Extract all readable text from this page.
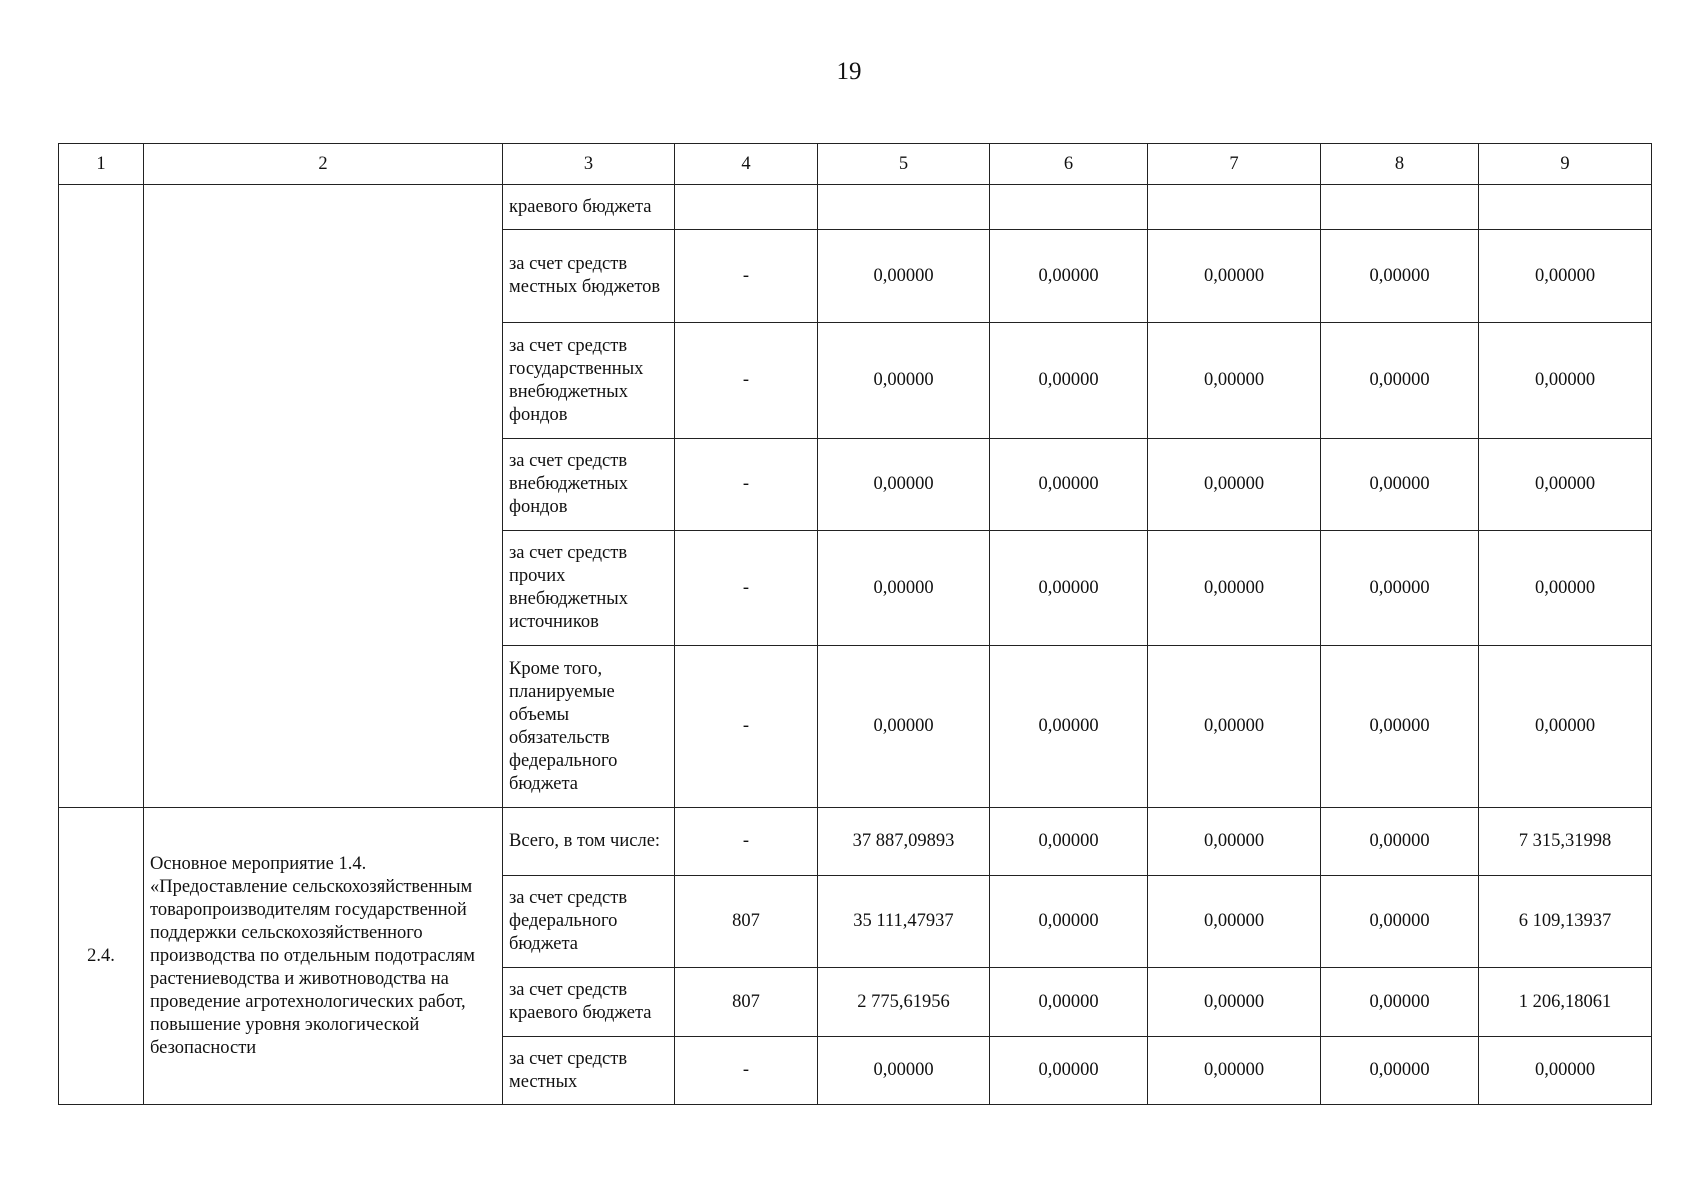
19
1	2	3	4	5	6	7	8	9
		краевого бюджета						
		за счет средств местных бюджетов	-	0,00000	0,00000	0,00000	0,00000	0,00000
		за счет средств государственных внебюджетных фондов	-	0,00000	0,00000	0,00000	0,00000	0,00000
		за счет средств внебюджетных фондов	-	0,00000	0,00000	0,00000	0,00000	0,00000
		за счет средств прочих внебюджетных источников	-	0,00000	0,00000	0,00000	0,00000	0,00000
		Кроме того, планируемые объемы обязательств федерального бюджета	-	0,00000	0,00000	0,00000	0,00000	0,00000
2.4.	Основное мероприятие 1.4. «Предоставление сельскохозяйственным товаропроизводителям государственной поддержки сельскохозяйственного производства по отдельным подотраслям растениеводства и животноводства на проведение агротехнологических работ, повышение уровня экологической безопасности	Всего, в том числе:	-	37 887,09893	0,00000	0,00000	0,00000	7 315,31998
		за счет средств федерального бюджета	807	35 111,47937	0,00000	0,00000	0,00000	6 109,13937
		за счет средств краевого бюджета	807	2 775,61956	0,00000	0,00000	0,00000	1 206,18061
		за счет средств местных	-	0,00000	0,00000	0,00000	0,00000	0,00000
